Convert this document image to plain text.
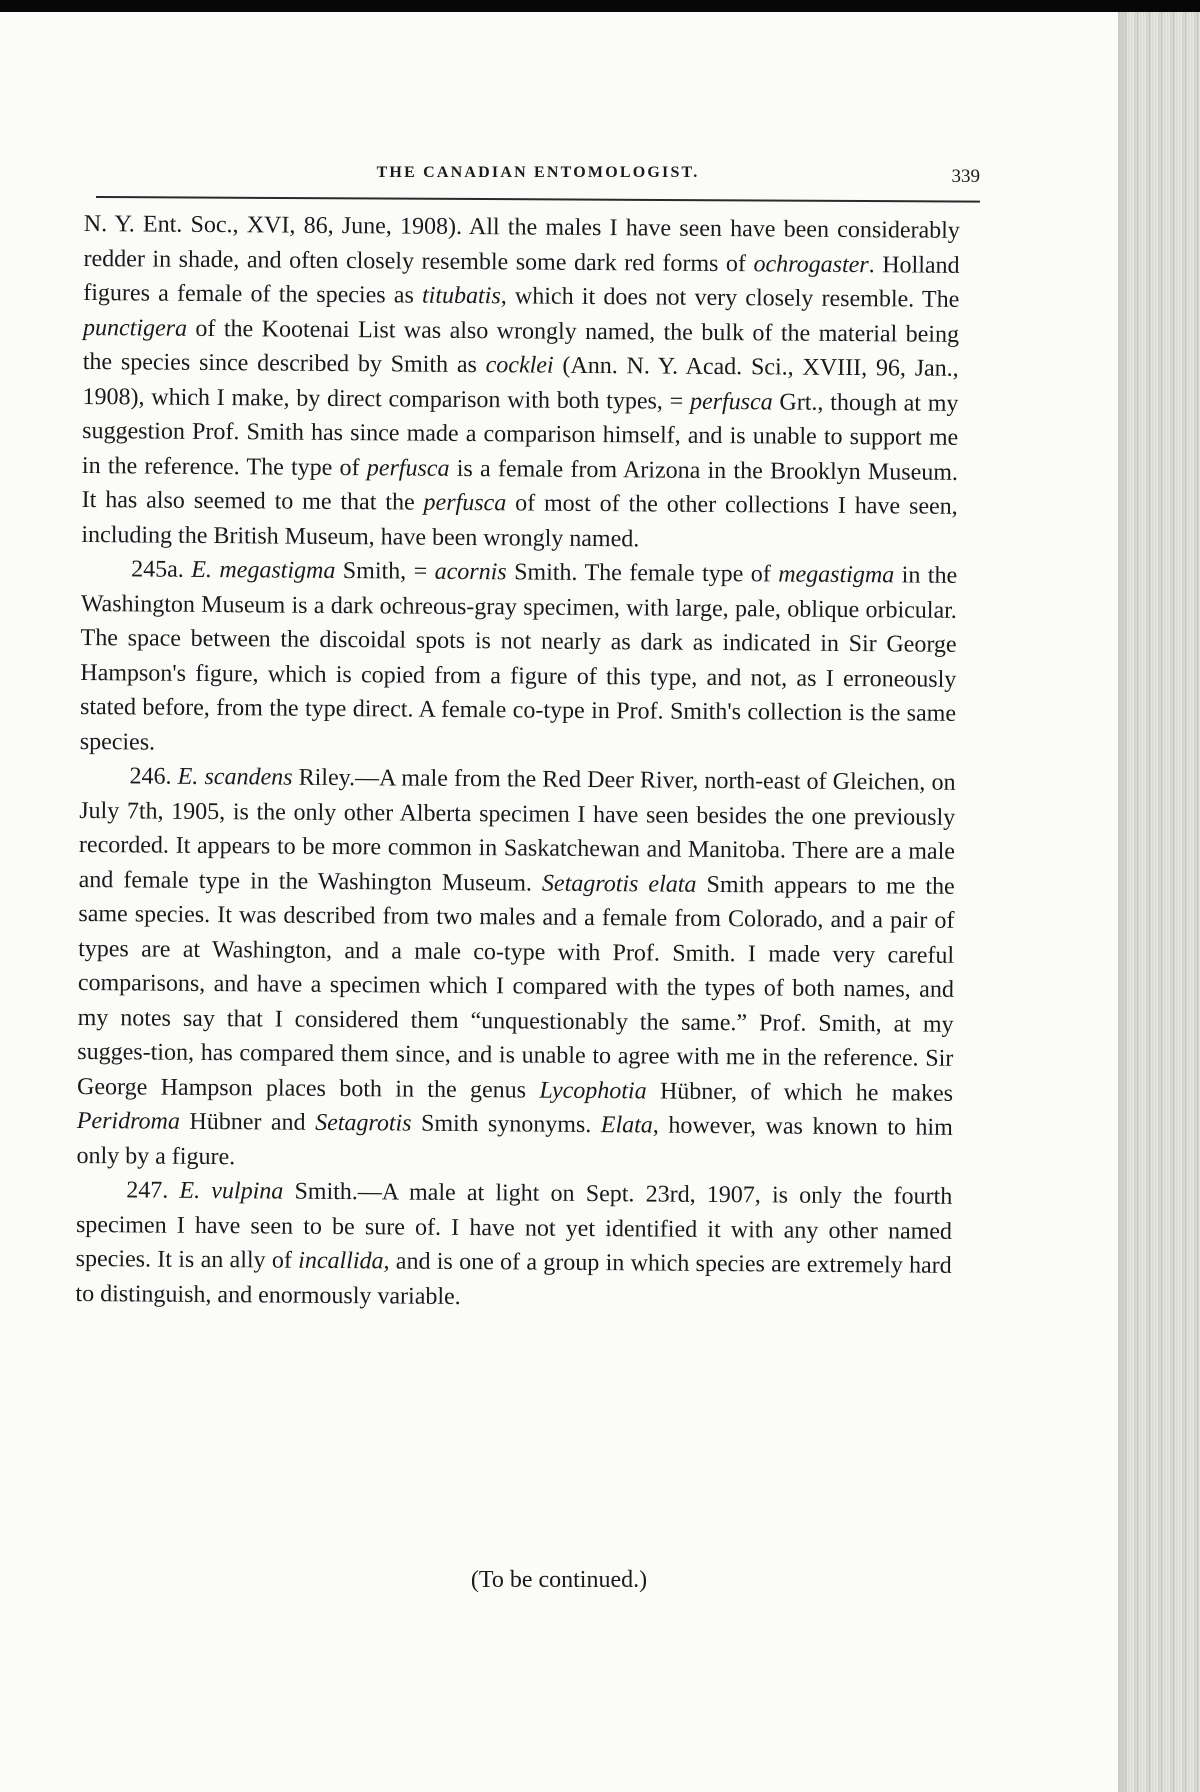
THE CANADIAN ENTOMOLOGIST.	339

N. Y. Ent. Soc., XVI, 86, June, 1908). All the males I have seen have been considerably redder in shade, and often closely resemble some dark red forms of ochrogaster. Holland figures a female of the species as titubatis, which it does not very closely resemble. The punctigera of the Kootenai List was also wrongly named, the bulk of the material being the species since described by Smith as cocklei (Ann. N. Y. Acad. Sci., XVIII, 96, Jan., 1908), which I make, by direct comparison with both types, = perfusca Grt., though at my suggestion Prof. Smith has since made a comparison himself, and is unable to support me in the reference. The type of perfusca is a female from Arizona in the Brooklyn Museum. It has also seemed to me that the perfusca of most of the other collections I have seen, including the British Museum, have been wrongly named.

245a. E. megastigma Smith, = acornis Smith. The female type of megastigma in the Washington Museum is a dark ochreous-gray specimen, with large, pale, oblique orbicular. The space between the discoidal spots is not nearly as dark as indicated in Sir George Hampson's figure, which is copied from a figure of this type, and not, as I erroneously stated before, from the type direct. A female co-type in Prof. Smith's collection is the same species.

246. E. scandens Riley.—A male from the Red Deer River, north-east of Gleichen, on July 7th, 1905, is the only other Alberta specimen I have seen besides the one previously recorded. It appears to be more common in Saskatchewan and Manitoba. There are a male and female type in the Washington Museum. Setagrotis elata Smith appears to me the same species. It was described from two males and a female from Colorado, and a pair of types are at Washington, and a male co-type with Prof. Smith. I made very careful comparisons, and have a specimen which I compared with the types of both names, and my notes say that I considered them “unquestionably the same.” Prof. Smith, at my sugges-tion, has compared them since, and is unable to agree with me in the reference. Sir George Hampson places both in the genus Lycophotia Hübner, of which he makes Peridroma Hübner and Setagrotis Smith synonyms. Elata, however, was known to him only by a figure.

247. E. vulpina Smith.—A male at light on Sept. 23rd, 1907, is only the fourth specimen I have seen to be sure of. I have not yet identified it with any other named species. It is an ally of incallida, and is one of a group in which species are extremely hard to distinguish, and enormously variable.

(To be continued.)
